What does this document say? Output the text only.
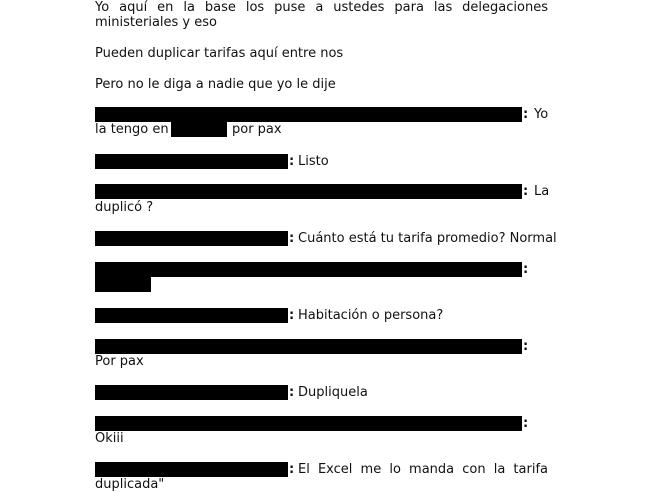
Yo aquí en la base los puse a ustedes para las delegaciones
ministeriales y eso
Pueden duplicar tarifas aquí entre nos
Pero no le diga a nadie que yo le dije
: Yo
la tengo en	por pax
: Listo
: La
duplicó ?
: Cuánto está tu tarifa promedio? Normal
:
: Habitación o persona?
:
Por pax
: Dupliquela
:
Okiii
: El Excel me lo manda con la tarifa
duplicada"
